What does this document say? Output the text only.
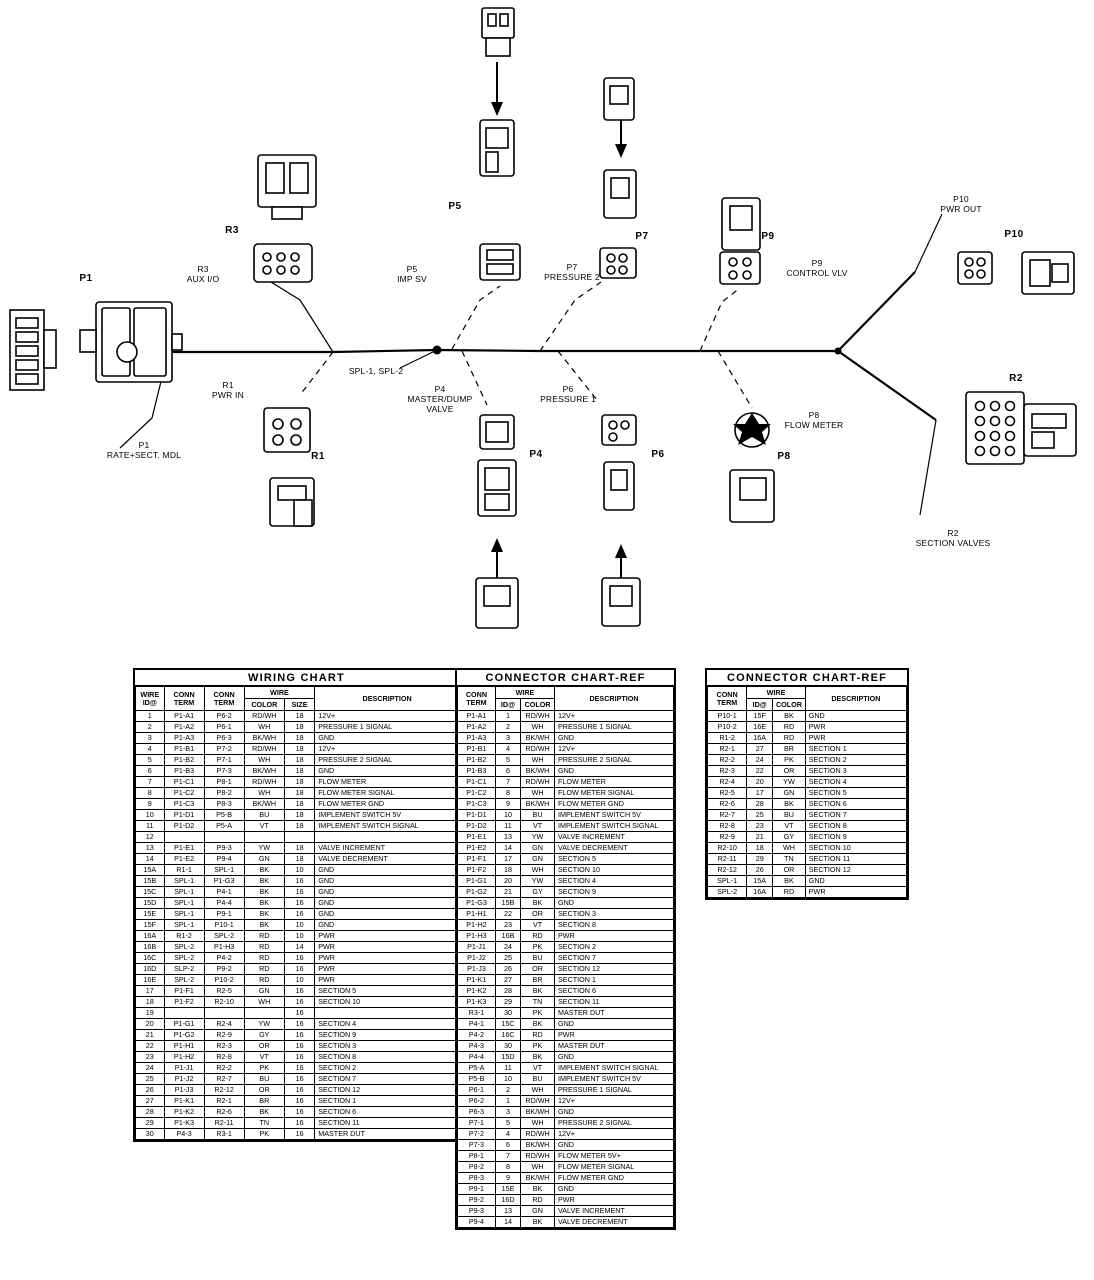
P1
P1
RATE+SECT. MDL
R3
R3
AUX I/O
P5
P5
IMP SV
P7
P7
PRESSURE 2
P9
P9
CONTROL VLV
P10
PWR OUT
P10
R1
PWR IN
R1
SPL-1, SPL-2
P4
MASTER/DUMP
VALVE
P4
P6
PRESSURE 1
P6
P8
FLOW METER
P8
R2
R2
SECTION VALVES
WIRING CHART
WIRE
ID@	CONN
TERM	CONN
TERM	WIRE		DESCRIPTION
			COLOR	SIZE	
1	P1-A1	P6-2	RD/WH	18	12V+
2	P1-A2	P6-1	WH	18	PRESSURE 1 SIGNAL
3	P1-A3	P6-3	BK/WH	18	GND
4	P1-B1	P7-2	RD/WH	18	12V+
5	P1-B2	P7-1	WH	18	PRESSURE 2 SIGNAL
6	P1-B3	P7-3	BK/WH	18	GND
7	P1-C1	P8-1	RD/WH	18	FLOW METER
8	P1-C2	P8-2	WH	18	FLOW METER SIGNAL
9	P1-C3	P8-3	BK/WH	18	FLOW METER GND
10	P1-D1	P5-B	BU	18	IMPLEMENT SWITCH 5V
11	P1-D2	P5-A	VT	18	IMPLEMENT SWITCH SIGNAL
12					
13	P1-E1	P9-3	YW	18	VALVE INCREMENT
14	P1-E2	P9-4	GN	18	VALVE DECREMENT
15A	R1-1	SPL-1	BK	10	GND
15B	SPL-1	P1-G3	BK	16	GND
15C	SPL-1	P4-1	BK	16	GND
15D	SPL-1	P4-4	BK	16	GND
15E	SPL-1	P9-1	BK	16	GND
15F	SPL-1	P10-1	BK	10	GND
16A	R1-2	SPL-2	RD	10	PWR
16B	SPL-2	P1-H3	RD	14	PWR
16C	SPL-2	P4-2	RD	16	PWR
16D	SLP-2	P9-2	RD	16	PWR
16E	SPL-2	P10-2	RD	10	PWR
17	P1-F1	R2-5	GN	16	SECTION 5
18	P1-F2	R2-10	WH	16	SECTION 10
19				16	
20	P1-G1	R2-4	YW	16	SECTION 4
21	P1-G2	R2-9	GY	16	SECTION 9
22	P1-H1	R2-3	OR	16	SECTION 3
23	P1-H2	R2-8	VT	16	SECTION 8
24	P1-J1	R2-2	PK	16	SECTION 2
25	P1-J2	R2-7	BU	16	SECTION 7
26	P1-J3	R2-12	OR	16	SECTION 12
27	P1-K1	R2-1	BR	16	SECTION 1
28	P1-K2	R2-6	BK	16	SECTION 6
29	P1-K3	R2-11	TN	16	SECTION 11
30	P4-3	R3-1	PK	16	MASTER DUT
CONNECTOR CHART-REF
CONN
TERM	WIRE		DESCRIPTION
	ID@	COLOR	
P1-A1	1	RD/WH	12V+
P1-A2	2	WH	PRESSURE 1 SIGNAL
P1-A3	3	BK/WH	GND
P1-B1	4	RD/WH	12V+
P1-B2	5	WH	PRESSURE 2 SIGNAL
P1-B3	6	BK/WH	GND
P1-C1	7	RD/WH	FLOW METER
P1-C2	8	WH	FLOW METER SIGNAL
P1-C3	9	BK/WH	FLOW METER GND
P1-D1	10	BU	IMPLEMENT SWITCH 5V
P1-D2	11	VT	IMPLEMENT SWITCH SIGNAL
P1-E1	13	YW	VALVE INCREMENT
P1-E2	14	GN	VALVE DECREMENT
P1-F1	17	GN	SECTION 5
P1-F2	18	WH	SECTION 10
P1-G1	20	YW	SECTION 4
P1-G2	21	GY	SECTION 9
P1-G3	15B	BK	GND
P1-H1	22	OR	SECTION 3
P1-H2	23	VT	SECTION 8
P1-H3	16B	RD	PWR
P1-J1	24	PK	SECTION 2
P1-J2	25	BU	SECTION 7
P1-J3	26	OR	SECTION 12
P1-K1	27	BR	SECTION 1
P1-K2	28	BK	SECTION 6
P1-K3	29	TN	SECTION 11
R3-1	30	PK	MASTER DUT
P4-1	15C	BK	GND
P4-2	16C	RD	PWR
P4-3	30	PK	MASTER DUT
P4-4	15D	BK	GND
P5-A	11	VT	IMPLEMENT SWITCH SIGNAL
P5-B	10	BU	IMPLEMENT SWITCH 5V
P6-1	2	WH	PRESSURE 1 SIGNAL
P6-2	1	RD/WH	12V+
P6-3	3	BK/WH	GND
P7-1	5	WH	PRESSURE 2 SIGNAL
P7-2	4	RD/WH	12V+
P7-3	6	BK/WH	GND
P8-1	7	RD/WH	FLOW METER 5V+
P8-2	8	WH	FLOW METER SIGNAL
P8-3	9	BK/WH	FLOW METER GND
P9-1	15E	BK	GND
P9-2	16D	RD	PWR
P9-3	13	GN	VALVE INCREMENT
P9-4	14	BK	VALVE DECREMENT
CONNECTOR CHART-REF
CONN
TERM	WIRE		DESCRIPTION
	ID@	COLOR	
P10-1	15F	BK	GND
P10-2	16E	RD	PWR
R1-2	16A	RD	PWR
R2-1	27	BR	SECTION 1
R2-2	24	PK	SECTION 2
R2-3	22	OR	SECTION 3
R2-4	20	YW	SECTION 4
R2-5	17	GN	SECTION 5
R2-6	28	BK	SECTION 6
R2-7	25	BU	SECTION 7
R2-8	23	VT	SECTION 8
R2-9	21	GY	SECTION 9
R2-10	18	WH	SECTION 10
R2-11	29	TN	SECTION 11
R2-12	26	OR	SECTION 12
SPL-1	15A	BK	GND
SPL-2	16A	RD	PWR
